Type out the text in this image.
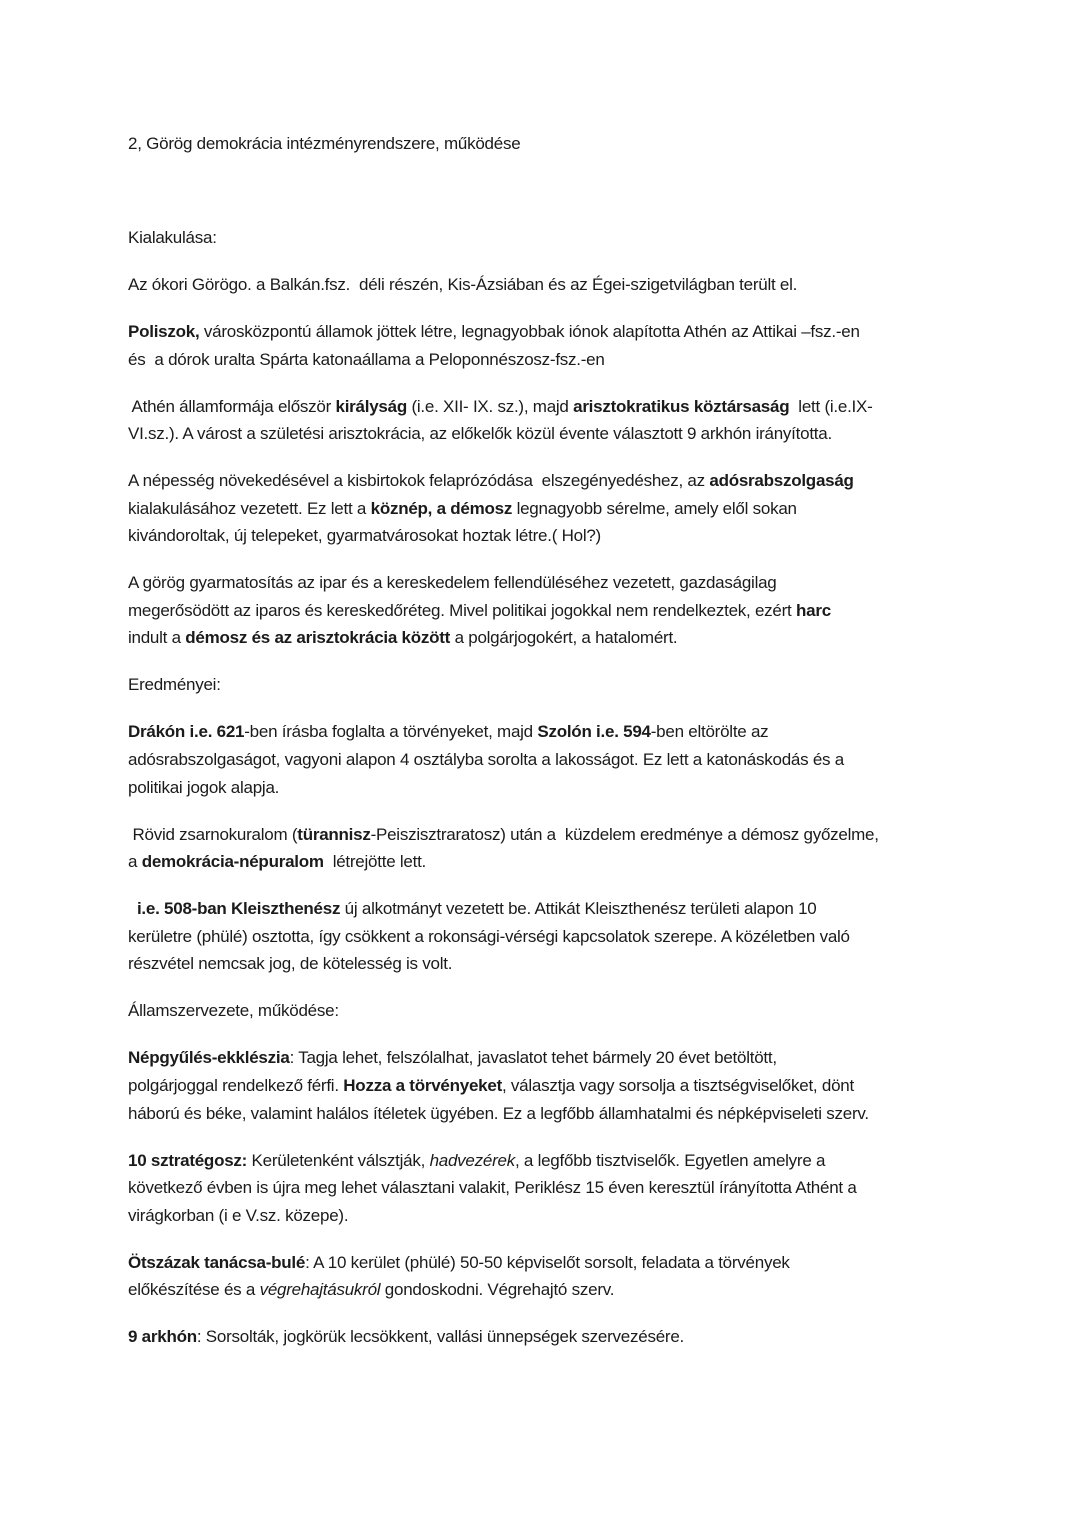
2, Görög demokrácia intézményrendszere, működése
Kialakulása:
Az ókori Görögo. a Balkán.fsz.  déli részén, Kis-Ázsiában és az Égei-szigetvilágban terült el.
Poliszok, városközpontú államok jöttek létre, legnagyobbak iónok alapította Athén az Attikai –fsz.-en
és  a dórok uralta Spárta katonaállama a Peloponnészosz-fsz.-en
Athén államformája először királyság (i.e. XII- IX. sz.), majd arisztokratikus köztársaság  lett (i.e.IX-
VI.sz.). A várost a születési arisztokrácia, az előkelők közül évente választott 9 arkhón irányította.
A népesség növekedésével a kisbirtokok felaprózódása  elszegényedéshez, az adósrabszolgaság
kialakulásához vezetett. Ez lett a köznép, a démosz legnagyobb sérelme, amely elől sokan
kivándoroltak, új telepeket, gyarmatvárosokat hoztak létre.( Hol?)
A görög gyarmatosítás az ipar és a kereskedelem fellendüléséhez vezetett, gazdaságilag
megerősödött az iparos és kereskedőréteg. Mivel politikai jogokkal nem rendelkeztek, ezért harc
indult a démosz és az arisztokrácia között a polgárjogokért, a hatalomért.
Eredményei:
Drákón i.e. 621-ben írásba foglalta a törvényeket, majd Szolón i.e. 594-ben eltörölte az
adósrabszolgaságot, vagyoni alapon 4 osztályba sorolta a lakosságot. Ez lett a katonáskodás és a
politikai jogok alapja.
Rövid zsarnokuralom (türannisz-Peiszisztraratosz) után a  küzdelem eredménye a démosz győzelme,
a demokrácia-népuralom  létrejötte lett.
i.e. 508-ban Kleiszthenész új alkotmányt vezetett be. Attikát Kleiszthenész területi alapon 10
kerületre (phülé) osztotta, így csökkent a rokonsági-vérségi kapcsolatok szerepe. A közéletben való
részvétel nemcsak jog, de kötelesség is volt.
Államszervezete, működése:
Népgyűlés-ekklészia: Tagja lehet, felszólalhat, javaslatot tehet bármely 20 évet betöltött,
polgárjoggal rendelkező férfi. Hozza a törvényeket, választja vagy sorsolja a tisztségviselőket, dönt
háború és béke, valamint halálos ítéletek ügyében. Ez a legfőbb államhatalmi és népképviseleti szerv.
10 sztratégosz: Kerületenként válsztják, hadvezérek, a legfőbb tisztviselők. Egyetlen amelyre a
következő évben is újra meg lehet választani valakit, Periklész 15 éven keresztül írányította Athént a
virágkorban (i e V.sz. közepe).
Ötszázak tanácsa-bulé: A 10 kerület (phülé) 50-50 képviselőt sorsolt, feladata a törvények
előkészítése és a végrehajtásukról gondoskodni. Végrehajtó szerv.
9 arkhón: Sorsolták, jogkörük lecsökkent, vallási ünnepségek szervezésére.
